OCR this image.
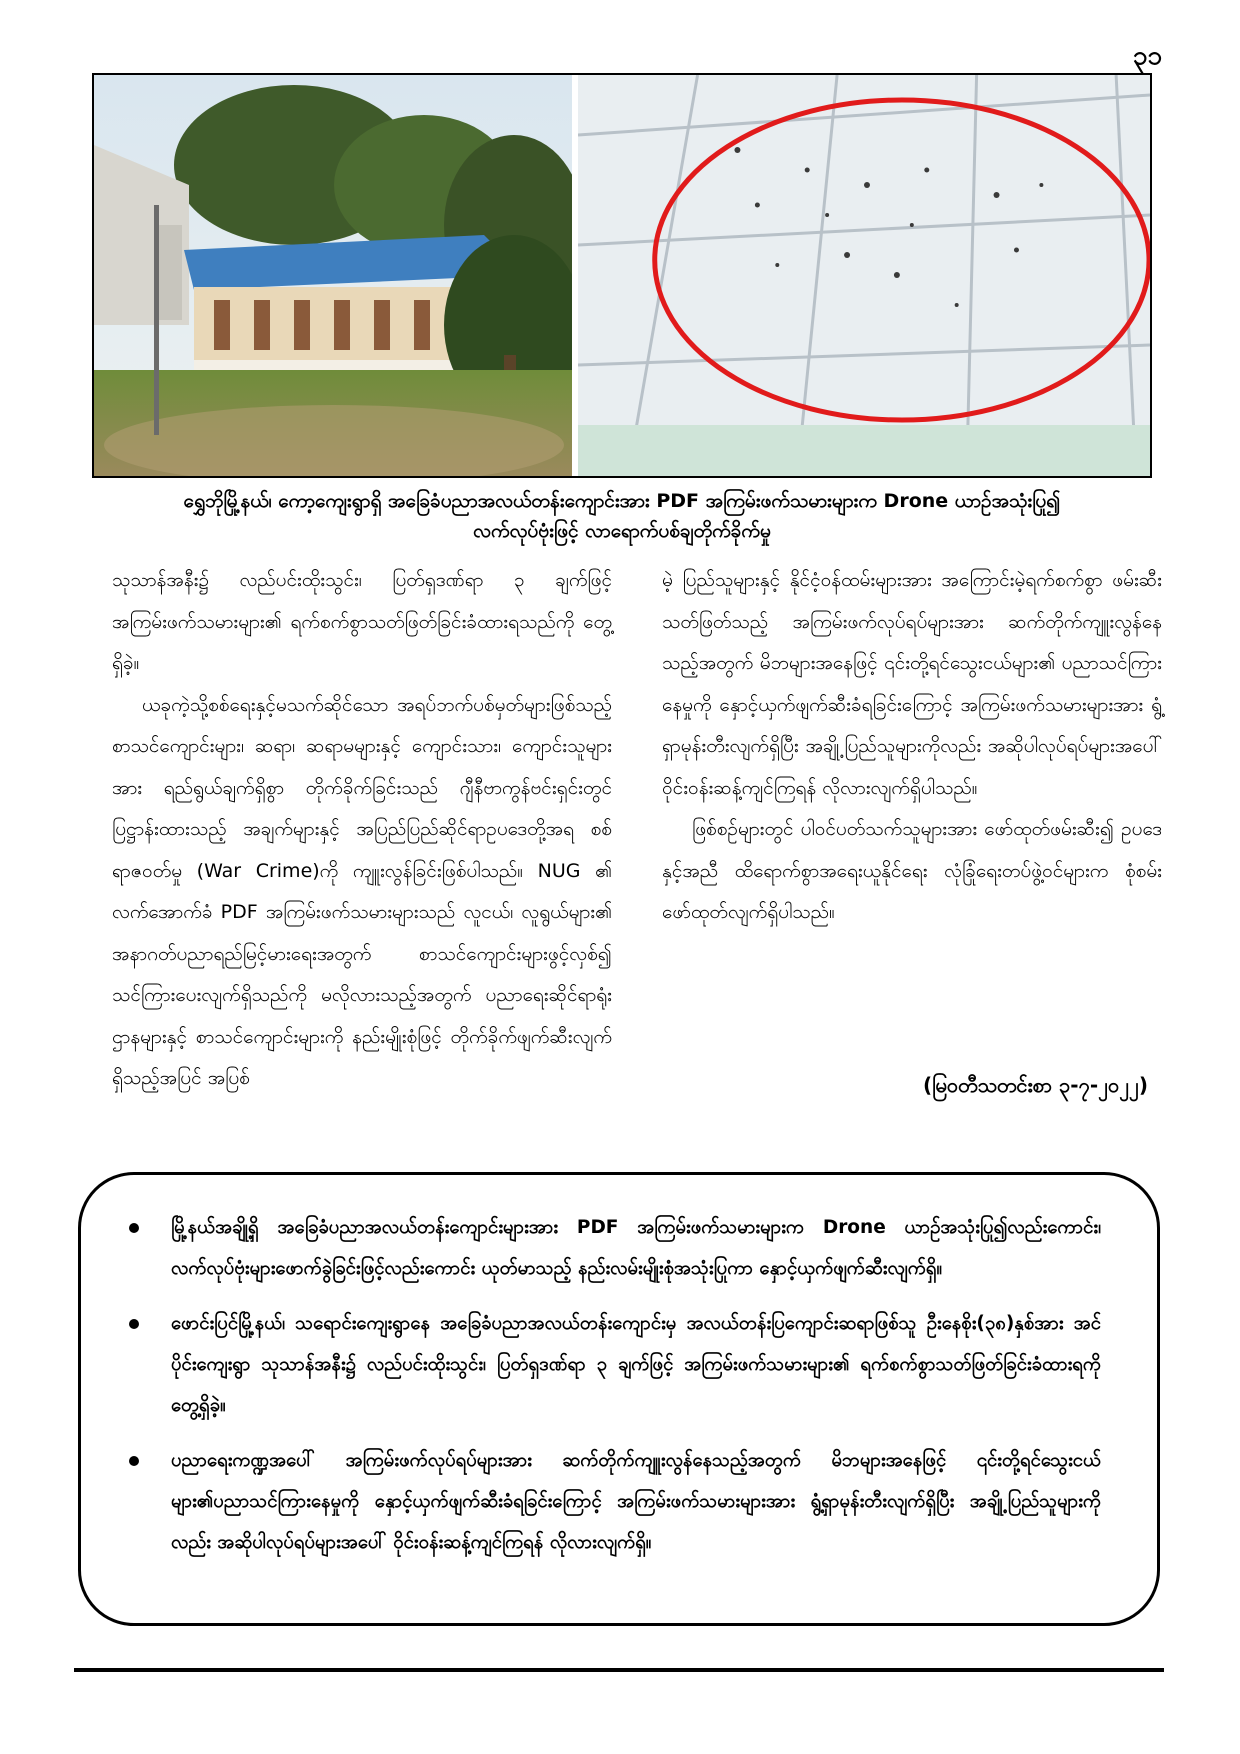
၃၁
ရွှေဘိုမြို့နယ်၊ ကော့ကျေးရွာရှိ အခြေခံပညာအလယ်တန်းကျောင်းအား PDF အကြမ်းဖက်သမားများက Drone ယာဉ်အသုံးပြု၍
လက်လုပ်ဗုံးဖြင့် လာရောက်ပစ်ချတိုက်ခိုက်မှု

သုသာန်အနီး၌ လည်ပင်းထိုးသွင်း၊ ပြတ်ရှဒဏ်ရာ ၃ ချက်ဖြင့် အကြမ်းဖက်သမားများ၏ ရက်စက်စွာသတ်ဖြတ်ခြင်းခံထားရသည်ကို တွေ့ရှိခဲ့။

ယခုကဲ့သို့စစ်ရေးနှင့်မသက်ဆိုင်သော အရပ်ဘက်ပစ်မှတ်များဖြစ်သည့် စာသင်ကျောင်းများ၊ ဆရာ၊ ဆရာမများနှင့် ကျောင်းသား၊ ကျောင်းသူများအား ရည်ရွယ်ချက်ရှိစွာ တိုက်ခိုက်ခြင်းသည် ဂျီနီဗာကွန်ဗင်းရှင်းတွင် ပြဋ္ဌာန်းထားသည့် အချက်များနှင့် အပြည်ပြည်ဆိုင်ရာဥပဒေတို့အရ စစ်ရာဇဝတ်မှု (War Crime)ကို ကျူးလွန်ခြင်းဖြစ်ပါသည်။ NUG ၏ လက်အောက်ခံ PDF အကြမ်းဖက်သမားများသည် လူငယ်၊ လူရွယ်များ၏ အနာဂတ်ပညာရည်မြင့်မားရေးအတွက် စာသင်ကျောင်းများဖွင့်လှစ်၍ သင်ကြားပေးလျက်ရှိသည်ကို မလိုလားသည့်အတွက် ပညာရေးဆိုင်ရာရုံးဌာနများနှင့် စာသင်ကျောင်းများကို နည်းမျိုးစုံဖြင့် တိုက်ခိုက်ဖျက်ဆီးလျက်ရှိသည့်အပြင် အပြစ်

မဲ့ ပြည်သူများနှင့် နိုင်ငံ့ဝန်ထမ်းများအား အကြောင်းမဲ့ရက်စက်စွာ ဖမ်းဆီးသတ်ဖြတ်သည့် အကြမ်းဖက်လုပ်ရပ်များအား ဆက်တိုက်ကျူးလွန်နေသည့်အတွက် မိဘများအနေဖြင့် ၎င်းတို့ရင်သွေးငယ်များ၏ ပညာသင်ကြားနေမှုကို နှောင့်ယှက်ဖျက်ဆီးခံရခြင်းကြောင့် အကြမ်းဖက်သမားများအား ရွံ့ရှာမုန်းတီးလျက်ရှိပြီး အချို့ပြည်သူများကိုလည်း အဆိုပါလုပ်ရပ်များအပေါ် ဝိုင်းဝန်းဆန့်ကျင်ကြရန် လိုလားလျက်ရှိပါသည်။

ဖြစ်စဉ်များတွင် ပါဝင်ပတ်သက်သူများအား ဖော်ထုတ်ဖမ်းဆီး၍ ဥပဒေနှင့်အညီ ထိရောက်စွာအရေးယူနိုင်ရေး လုံခြုံရေးတပ်ဖွဲ့ဝင်များက စုံစမ်းဖော်ထုတ်လျက်ရှိပါသည်။

(မြဝတီသတင်းစာ ၃-၇-၂၀၂၂)
မြို့နယ်အချို့ရှိ အခြေခံပညာအလယ်တန်းကျောင်းများအား PDF အကြမ်းဖက်သမားများက Drone ယာဉ်အသုံးပြု၍လည်းကောင်း၊ လက်လုပ်ဗုံးများဖောက်ခွဲခြင်းဖြင့်လည်းကောင်း ယုတ်မာသည့် နည်းလမ်းမျိုးစုံအသုံးပြုကာ နှောင့်ယှက်ဖျက်ဆီးလျက်ရှိ။
ဖောင်းပြင်မြို့နယ်၊ သရောင်းကျေးရွာနေ အခြေခံပညာအလယ်တန်းကျောင်းမှ အလယ်တန်းပြကျောင်းဆရာဖြစ်သူ ဦးနေစိုး(၃၈)နှစ်အား အင်ပိုင်းကျေးရွာ သုသာန်အနီး၌ လည်ပင်းထိုးသွင်း၊ ပြတ်ရှဒဏ်ရာ ၃ ချက်ဖြင့် အကြမ်းဖက်သမားများ၏ ရက်စက်စွာသတ်ဖြတ်ခြင်းခံထားရကို တွေ့ရှိခဲ့။
ပညာရေးကဏ္ဍအပေါ် အကြမ်းဖက်လုပ်ရပ်များအား ဆက်တိုက်ကျူးလွန်နေသည့်အတွက် မိဘများအနေဖြင့် ၎င်းတို့ရင်သွေးငယ်များ၏ပညာသင်ကြားနေမှုကို နှောင့်ယှက်ဖျက်ဆီးခံရခြင်းကြောင့် အကြမ်းဖက်သမားများအား ရွံ့ရှာမုန်းတီးလျက်ရှိပြီး အချို့ပြည်သူများကိုလည်း အဆိုပါလုပ်ရပ်များအပေါ် ဝိုင်းဝန်းဆန့်ကျင်ကြရန် လိုလားလျက်ရှိ။
